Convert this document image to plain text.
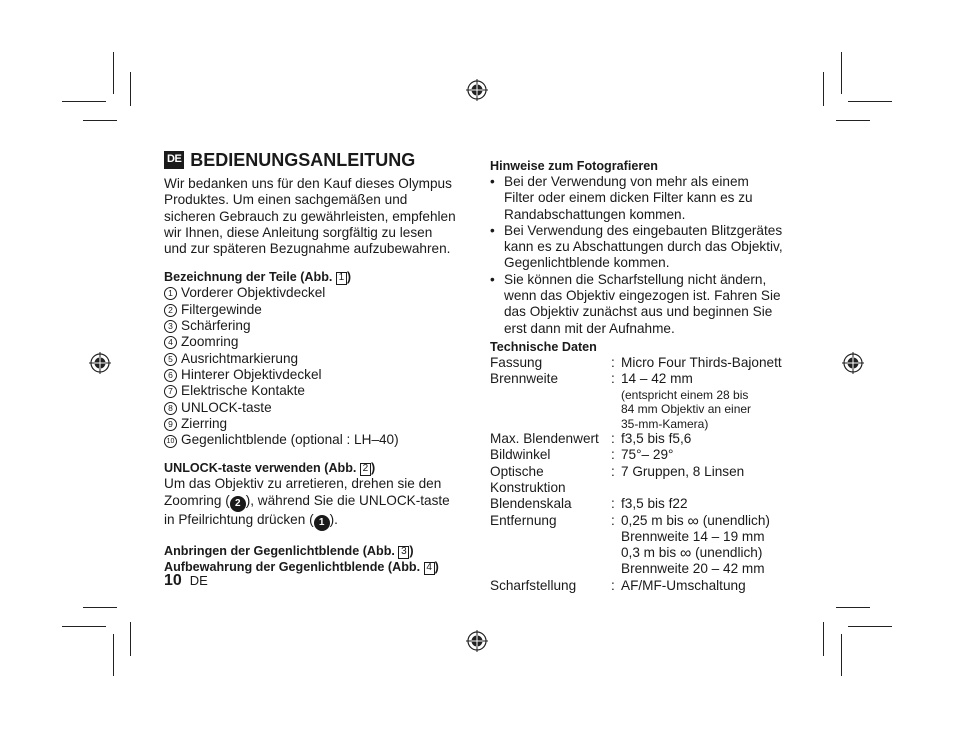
DE BEDIENUNGSANLEITUNG
Wir bedanken uns für den Kauf dieses Olympus
Produktes. Um einen sachgemäßen und
sicheren Gebrauch zu gewährleisten, empfehlen
wir Ihnen, diese Anleitung sorgfältig zu lesen
und zur späteren Bezugnahme aufzubewahren.
Bezeichnung der Teile (Abb. 1 )
1 Vorderer Objektivdeckel
2 Filtergewinde
3 Schärfering
4 Zoomring
5 Ausrichtmarkierung
6 Hinterer Objektivdeckel
7 Elektrische Kontakte
8 UNLOCK-taste
9 Zierring
10 Gegenlichtblende (optional : LH–40)
UNLOCK-taste verwenden (Abb. 2 )
Um das Objektiv zu arretieren, drehen sie den
Zoomring ( 2 ), während Sie die UNLOCK-taste
in Pfeilrichtung drücken ( 1 ).
Anbringen der Gegenlichtblende (Abb. 3 )
Aufbewahrung der Gegenlichtblende (Abb. 4 )
10 DE
Hinweise zum Fotografieren
• Bei der Verwendung von mehr als einem
Filter oder einem dicken Filter kann es zu
Randabschattungen kommen.
• Bei Verwendung des eingebauten Blitzgerätes
kann es zu Abschattungen durch das Objektiv,
Gegenlichtblende kommen.
• Sie können die Scharfstellung nicht ändern,
wenn das Objektiv eingezogen ist. Fahren Sie
das Objektiv zunächst aus und beginnen Sie
erst dann mit der Aufnahme.
Technische Daten
Fassung	: Micro Four Thirds-Bajonett
Brennweite	: 14 – 42 mm
(entspricht einem 28 bis
84 mm Objektiv an einer
35-mm-Kamera)
Max. Blendenwert : f3,5 bis f5,6
Bildwinkel	: 75°– 29°
Optische
Konstruktion
: 7 Gruppen, 8 Linsen
Blendenskala	: f3,5 bis f22
Entfernung	: 0,25 m bis ∞ (unendlich)
Brennweite 14 – 19 mm
0,3 m bis ∞ (unendlich)
Brennweite 20 – 42 mm
Scharfstellung	: AF/MF-Umschaltung
